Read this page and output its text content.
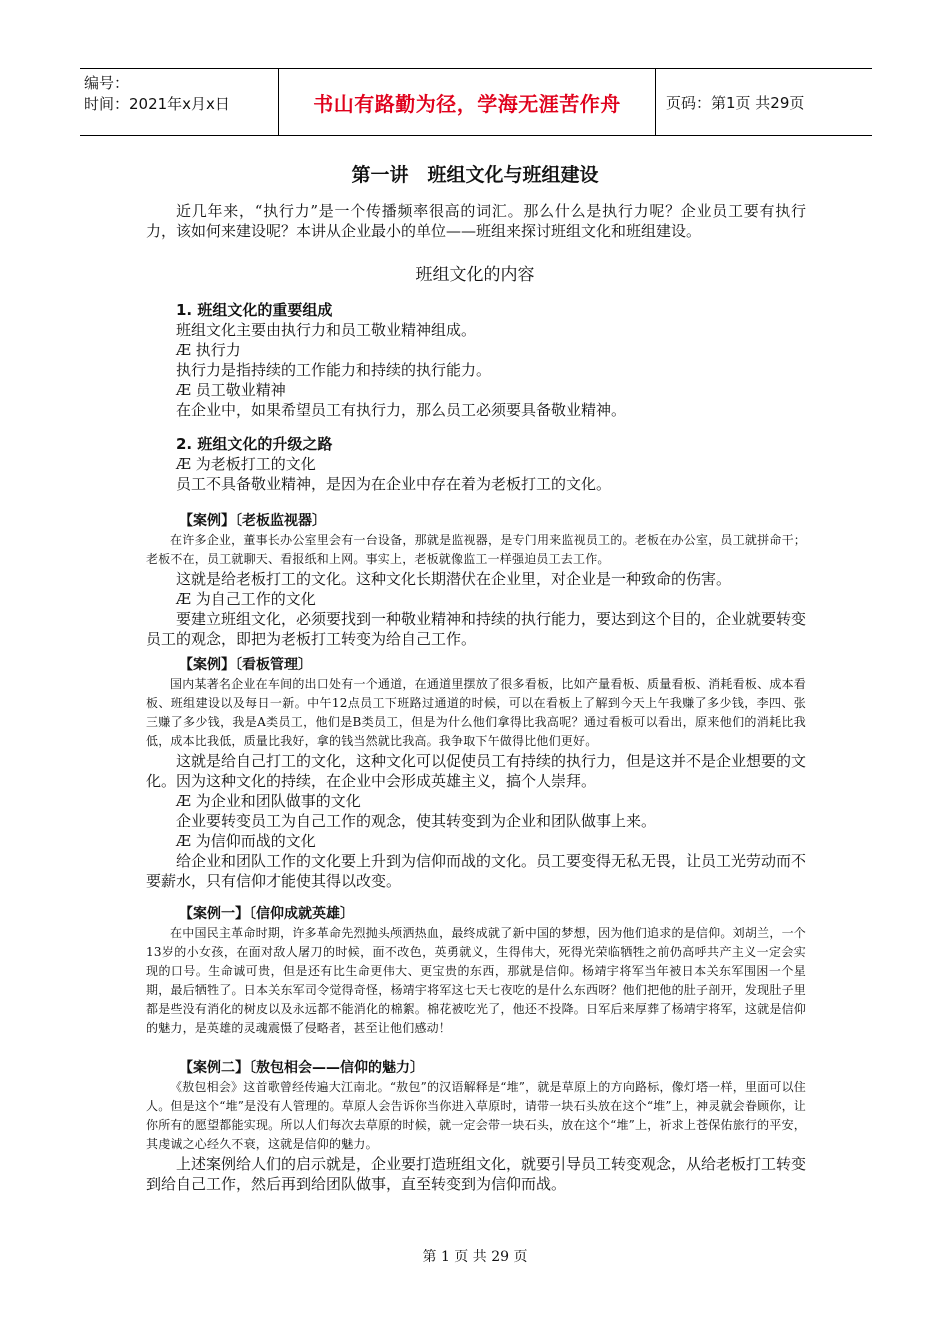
编号：
时间：2021年x月x日	书山有路勤为径，学海无涯苦作舟	页码：第1页 共29页
第一讲　班组文化与班组建设

近几年来，“执行力”是一个传播频率很高的词汇。那么什么是执行力呢？企业员工要有执行力，该如何来建设呢？本讲从企业最小的单位——班组来探讨班组文化和班组建设。

班组文化的内容

1. 班组文化的重要组成

班组文化主要由执行力和员工敬业精神组成。

Æ 执行力

执行力是指持续的工作能力和持续的执行能力。

Æ 员工敬业精神

在企业中，如果希望员工有执行力，那么员工必须要具备敬业精神。

2. 班组文化的升级之路

Æ 为老板打工的文化

员工不具备敬业精神，是因为在企业中存在着为老板打工的文化。

【案例】〔老板监视器〕

在许多企业，董事长办公室里会有一台设备，那就是监视器，是专门用来监视员工的。老板在办公室，员工就拼命干；老板不在，员工就聊天、看报纸和上网。事实上，老板就像监工一样强迫员工去工作。

这就是给老板打工的文化。这种文化长期潜伏在企业里，对企业是一种致命的伤害。

Æ 为自己工作的文化

要建立班组文化，必须要找到一种敬业精神和持续的执行能力，要达到这个目的，企业就要转变员工的观念，即把为老板打工转变为给自己工作。

【案例】〔看板管理〕

国内某著名企业在车间的出口处有一个通道，在通道里摆放了很多看板，比如产量看板、质量看板、消耗看板、成本看板、班组建设以及每日一新。中午12点员工下班路过通道的时候，可以在看板上了解到今天上午我赚了多少钱，李四、张三赚了多少钱，我是A类员工，他们是B类员工，但是为什么他们拿得比我高呢？通过看板可以看出，原来他们的消耗比我低，成本比我低，质量比我好，拿的钱当然就比我高。我争取下午做得比他们更好。

这就是给自己打工的文化，这种文化可以促使员工有持续的执行力，但是这并不是企业想要的文化。因为这种文化的持续，在企业中会形成英雄主义，搞个人崇拜。

Æ 为企业和团队做事的文化

企业要转变员工为自己工作的观念，使其转变到为企业和团队做事上来。

Æ 为信仰而战的文化

给企业和团队工作的文化要上升到为信仰而战的文化。员工要变得无私无畏，让员工光劳动而不要薪水，只有信仰才能使其得以改变。

【案例一】〔信仰成就英雄〕

在中国民主革命时期，许多革命先烈抛头颅洒热血，最终成就了新中国的梦想，因为他们追求的是信仰。刘胡兰，一个13岁的小女孩，在面对敌人屠刀的时候，面不改色，英勇就义，生得伟大，死得光荣临牺牲之前仍高呼共产主义一定会实现的口号。生命诚可贵，但是还有比生命更伟大、更宝贵的东西，那就是信仰。杨靖宇将军当年被日本关东军围困一个星期，最后牺牲了。日本关东军司令觉得奇怪，杨靖宇将军这七天七夜吃的是什么东西呀？他们把他的肚子剖开，发现肚子里都是些没有消化的树皮以及永远都不能消化的棉絮。棉花被吃光了，他还不投降。日军后来厚葬了杨靖宇将军，这就是信仰的魅力，是英雄的灵魂震慑了侵略者，甚至让他们感动！

【案例二】〔敖包相会——信仰的魅力〕

《敖包相会》这首歌曾经传遍大江南北。“敖包”的汉语解释是“堆”，就是草原上的方向路标，像灯塔一样，里面可以住人。但是这个“堆”是没有人管理的。草原人会告诉你当你进入草原时，请带一块石头放在这个“堆”上，神灵就会眷顾你，让你所有的愿望都能实现。所以人们每次去草原的时候，就一定会带一块石头，放在这个“堆”上，祈求上苍保佑旅行的平安，其虔诚之心经久不衰，这就是信仰的魅力。

上述案例给人们的启示就是，企业要打造班组文化，就要引导员工转变观念，从给老板打工转变到给自己工作，然后再到给团队做事，直至转变到为信仰而战。

第 1 页 共 29 页
